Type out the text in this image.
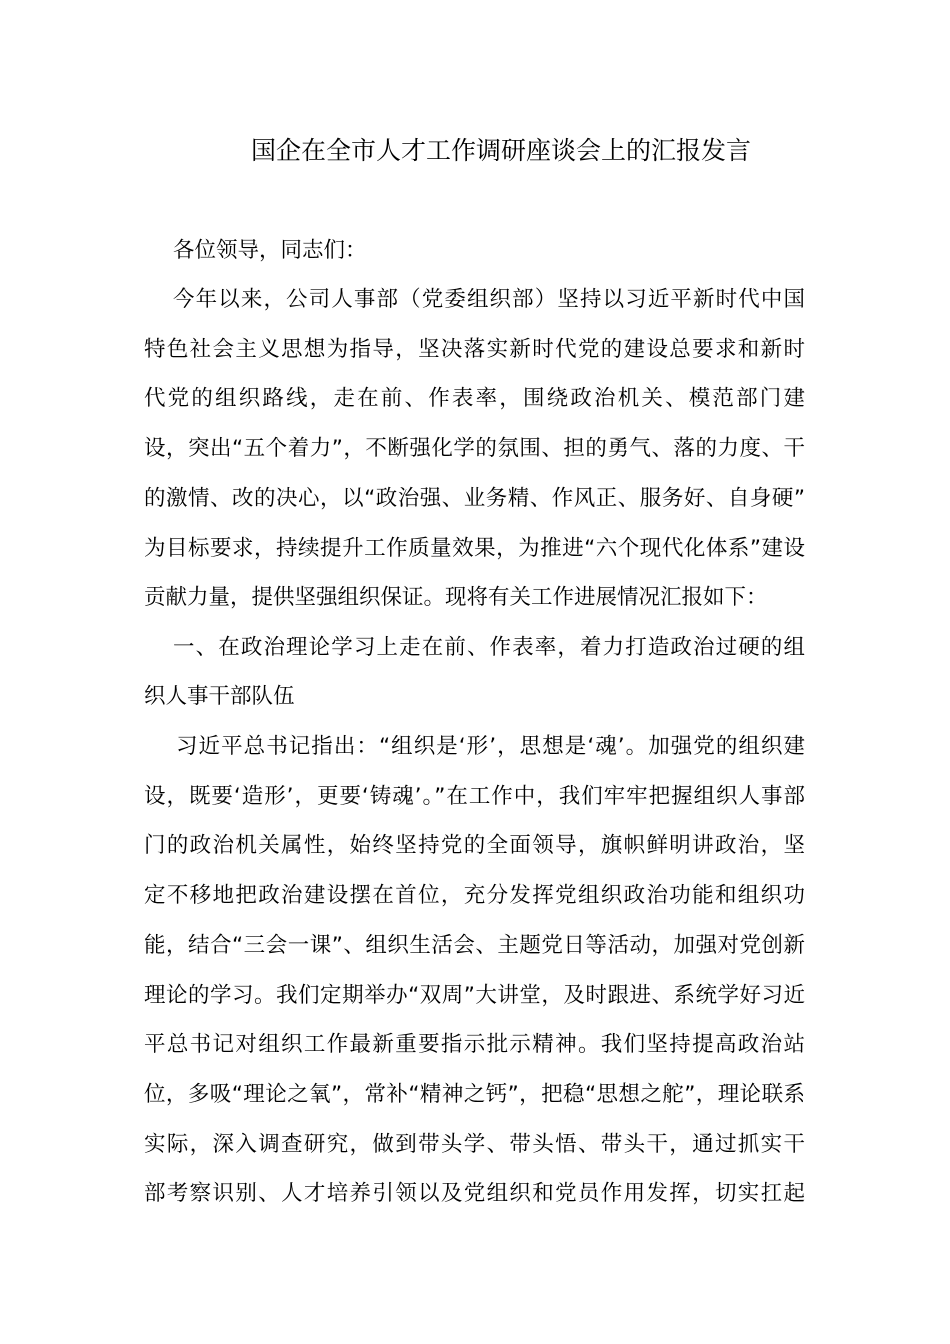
国企在全市人才工作调研座谈会上的汇报发言
各位领导，同志们：
今年以来，公司人事部（党委组织部）坚持以习近平新时代中国
特色社会主义思想为指导，坚决落实新时代党的建设总要求和新时
代党的组织路线，走在前、作表率，围绕政治机关、模范部门建
设，突出“五个着力”，不断强化学的氛围、担的勇气、落的力度、干
的激情、改的决心，以“政治强、业务精、作风正、服务好、自身硬”
为目标要求，持续提升工作质量效果，为推进“六个现代化体系”建设
贡献力量，提供坚强组织保证。现将有关工作进展情况汇报如下：
一、在政治理论学习上走在前、作表率，着力打造政治过硬的组
织人事干部队伍
习近平总书记指出：“组织是‘形’，思想是‘魂’。加强党的组织建
设，既要‘造形’，更要‘铸魂’。”在工作中，我们牢牢把握组织人事部
门的政治机关属性，始终坚持党的全面领导，旗帜鲜明讲政治，坚
定不移地把政治建设摆在首位，充分发挥党组织政治功能和组织功
能，结合“三会一课”、组织生活会、主题党日等活动，加强对党创新
理论的学习。我们定期举办“双周”大讲堂，及时跟进、系统学好习近
平总书记对组织工作最新重要指示批示精神。我们坚持提高政治站
位，多吸“理论之氧”，常补“精神之钙”，把稳“思想之舵”，理论联系
实际，深入调查研究，做到带头学、带头悟、带头干，通过抓实干
部考察识别、人才培养引领以及党组织和党员作用发挥，切实扛起
